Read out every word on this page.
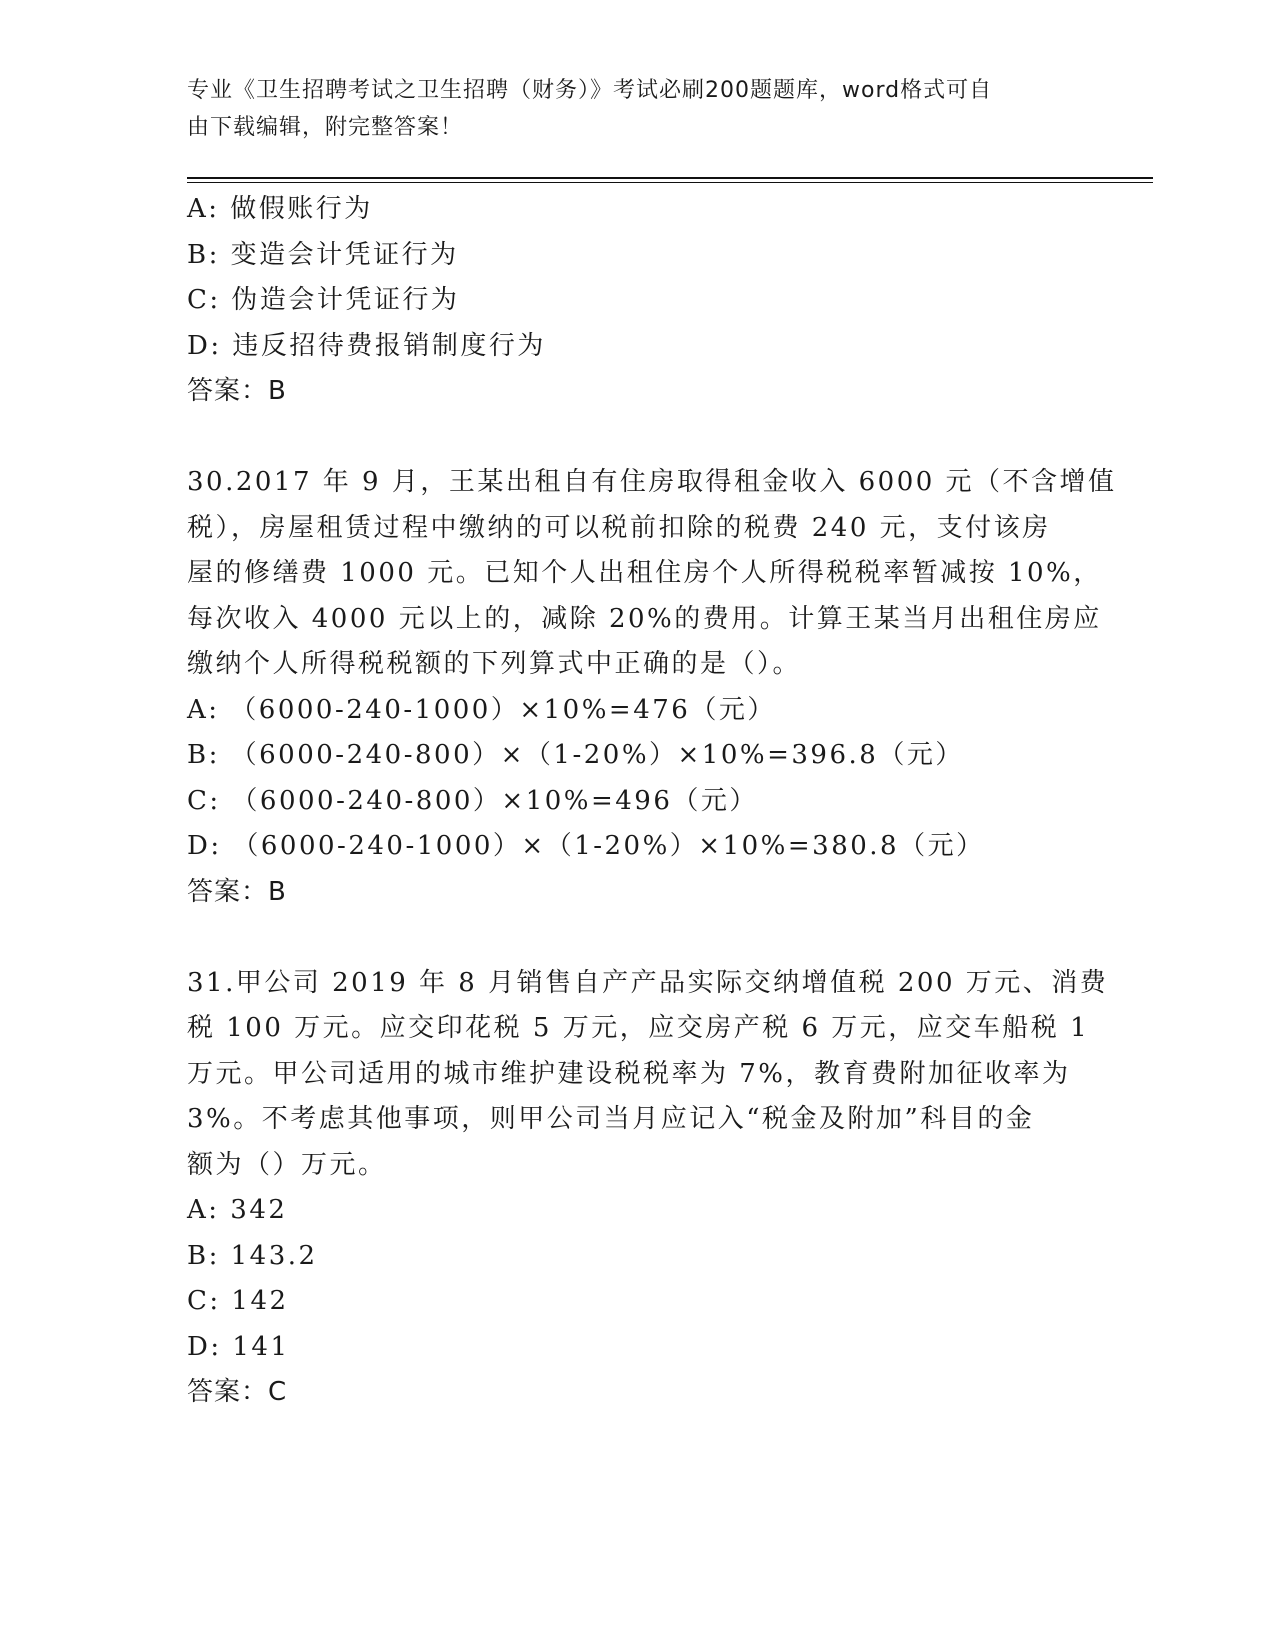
专业《卫生招聘考试之卫生招聘（财务）》考试必刷200题题库，word格式可自
由下载编辑，附完整答案！
A: 做假账行为
B: 变造会计凭证行为
C: 伪造会计凭证行为
D: 违反招待费报销制度行为
答案：B
30.2017 年 9 月，王某出租自有住房取得租金收入 6000 元（不含增值
税），房屋租赁过程中缴纳的可以税前扣除的税费 240 元，支付该房
屋的修缮费 1000 元。已知个人出租住房个人所得税税率暂减按 10%，
每次收入 4000 元以上的，减除 20%的费用。计算王某当月出租住房应
缴纳个人所得税税额的下列算式中正确的是（）。
A: （6000-240-1000）×10%=476（元）
B: （6000-240-800）×（1-20%）×10%=396.8（元）
C: （6000-240-800）×10%=496（元）
D: （6000-240-1000）×（1-20%）×10%=380.8（元）
答案：B
31.甲公司 2019 年 8 月销售自产产品实际交纳增值税 200 万元、消费
税 100 万元。应交印花税 5 万元，应交房产税 6 万元，应交车船税 1
万元。甲公司适用的城市维护建设税税率为 7%，教育费附加征收率为
3%。不考虑其他事项，则甲公司当月应记入“税金及附加”科目的金
额为（）万元。
A: 342
B: 143.2
C: 142
D: 141
答案：C
